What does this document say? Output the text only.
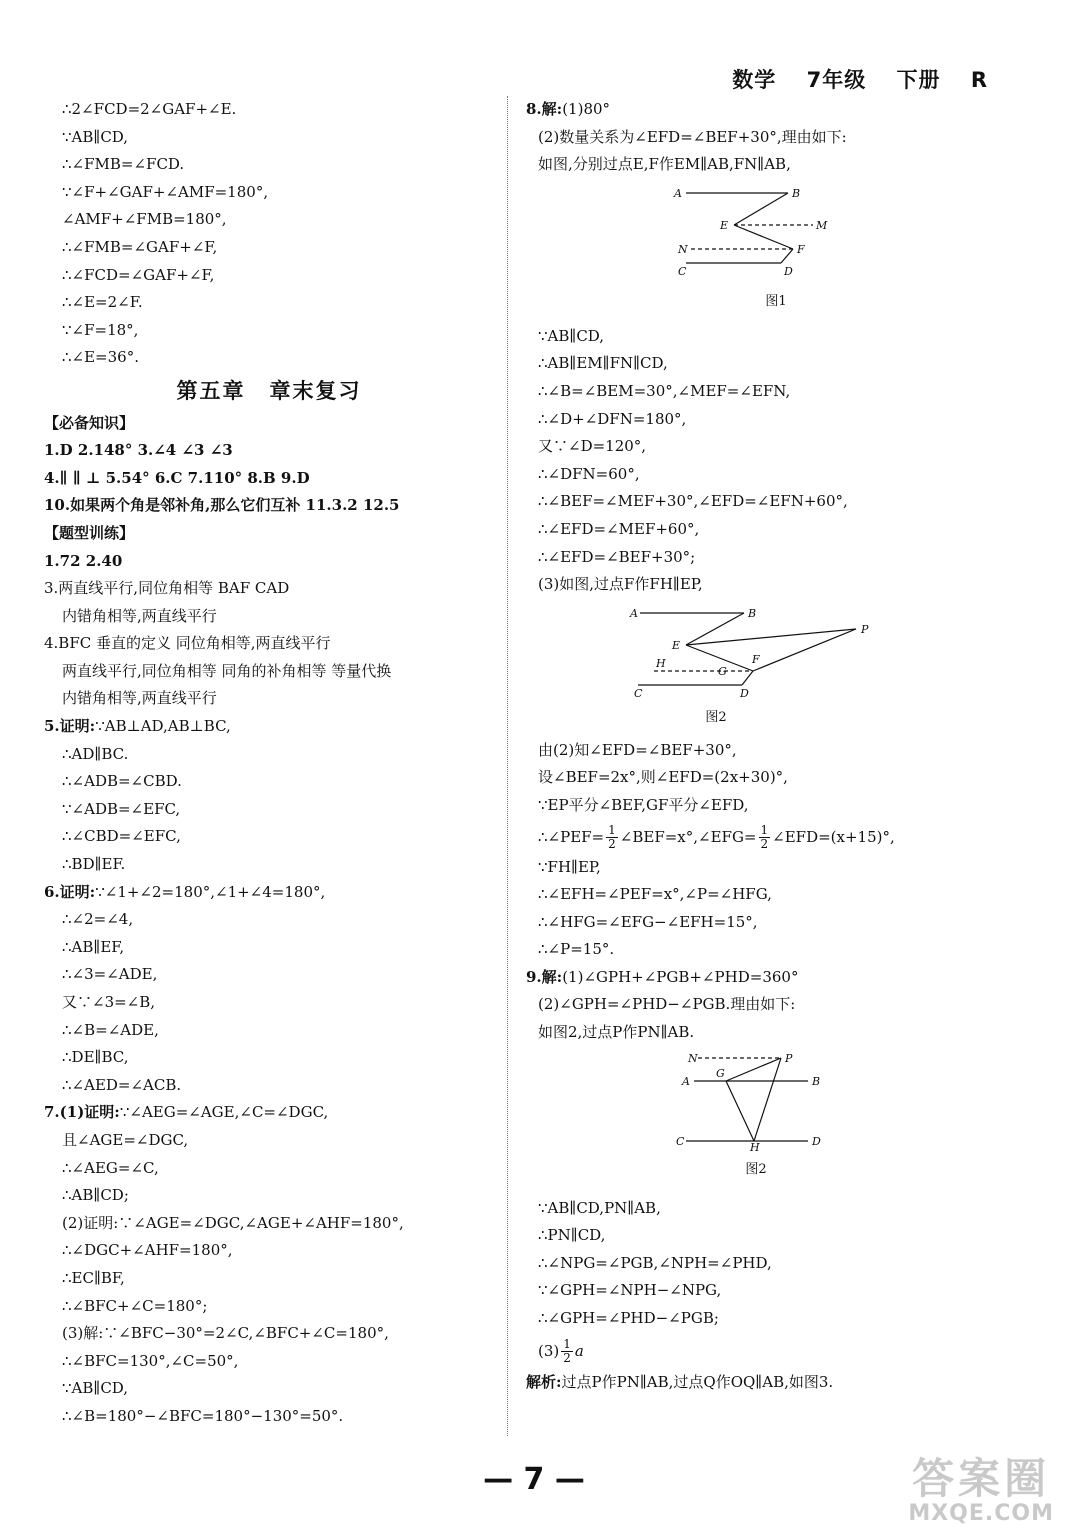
数学 7年级 下册 R
∴2∠FCD=2∠GAF+∠E.
∵AB∥CD,
∴∠FMB=∠FCD.
∵∠F+∠GAF+∠AMF=180°,
∠AMF+∠FMB=180°,
∴∠FMB=∠GAF+∠F,
∴∠FCD=∠GAF+∠F,
∴∠E=2∠F.
∵∠F=18°,
∴∠E=36°.
第五章 章末复习
【必备知识】
1.D 2.148° 3.∠4 ∠3 ∠3
4.∥ ∥ ⊥ 5.54° 6.C 7.110° 8.B 9.D
10.如果两个角是邻补角,那么它们互补 11.3.2 12.5
【题型训练】
1.72 2.40
3.两直线平行,同位角相等 BAF CAD
内错角相等,两直线平行
4.BFC 垂直的定义 同位角相等,两直线平行
两直线平行,同位角相等 同角的补角相等 等量代换
内错角相等,两直线平行
5.证明:∵AB⊥AD,AB⊥BC,
∴AD∥BC.
∴∠ADB=∠CBD.
∵∠ADB=∠EFC,
∴∠CBD=∠EFC,
∴BD∥EF.
6.证明:∵∠1+∠2=180°,∠1+∠4=180°,
∴∠2=∠4,
∴AB∥EF,
∴∠3=∠ADE,
又∵∠3=∠B,
∴∠B=∠ADE,
∴DE∥BC,
∴∠AED=∠ACB.
7.(1)证明:∵∠AEG=∠AGE,∠C=∠DGC,
且∠AGE=∠DGC,
∴∠AEG=∠C,
∴AB∥CD;
(2)证明:∵∠AGE=∠DGC,∠AGE+∠AHF=180°,
∴∠DGC+∠AHF=180°,
∴EC∥BF,
∴∠BFC+∠C=180°;
(3)解:∵∠BFC−30°=2∠C,∠BFC+∠C=180°,
∴∠BFC=130°,∠C=50°,
∵AB∥CD,
∴∠B=180°−∠BFC=180°−130°=50°.
8.解:(1)80°
(2)数量关系为∠EFD=∠BEF+30°,理由如下:
如图,分别过点E,F作EM∥AB,FN∥AB,
A	B
E	M
N	F
C	D
图1
∵AB∥CD,
∴AB∥EM∥FN∥CD,
∴∠B=∠BEM=30°,∠MEF=∠EFN,
∴∠D+∠DFN=180°,
又∵∠D=120°,
∴∠DFN=60°,
∴∠BEF=∠MEF+30°,∠EFD=∠EFN+60°,
∴∠EFD=∠MEF+60°,
∴∠EFD=∠BEF+30°;
(3)如图,过点F作FH∥EP,
A	B
P
E
F
H
G
C	D
图2
由(2)知∠EFD=∠BEF+30°,
设∠BEF=2x°,则∠EFD=(2x+30)°,
∵EP平分∠BEF,GF平分∠EFD,
∴∠PEF= $\frac{1}{2}$ ∠BEF=x°,∠EFG= $\frac{1}{2}$ ∠EFD=(x+15)°,
∵FH∥EP,
∴∠EFH=∠PEF=x°,∠P=∠HFG,
∴∠HFG=∠EFG−∠EFH=15°,
∴∠P=15°.
9.解:(1)∠GPH+∠PGB+∠PHD=360°
(2)∠GPH=∠PHD−∠PGB.理由如下:
如图2,过点P作PN∥AB.
N	P
A
G
B
C	H	D
图2
∵AB∥CD,PN∥AB,
∴PN∥CD,
∴∠NPG=∠PGB,∠NPH=∠PHD,
∵∠GPH=∠NPH−∠NPG,
∴∠GPH=∠PHD−∠PGB;
$(3) \frac{1}{2}$ a
解析:过点P作PN∥AB,过点Q作OQ∥AB,如图3.
— 7 —	答案圈
MXQE.COM
